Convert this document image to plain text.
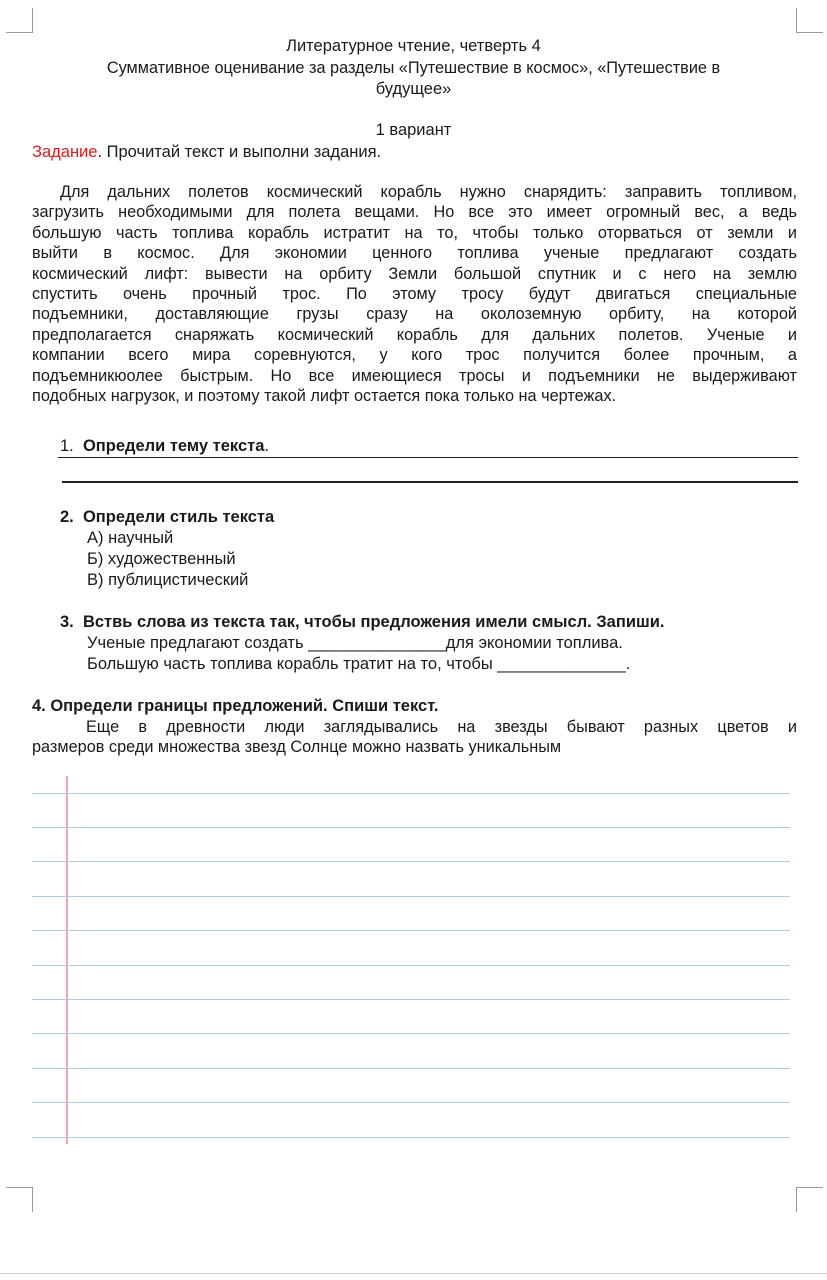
Литературное чтение, четверть 4
Суммативное оценивание за разделы «Путешествие в космос», «Путешествие в
будущее»
1 вариант
Задание. Прочитай текст и выполни задания.
Для дальних полетов космический корабль нужно снарядить: заправить топливом,
загрузить необходимыми для полета вещами. Но все это имеет огромный вес, а ведь
большую часть топлива корабль истратит на то, чтобы только оторваться от земли и
выйти в космос. Для экономии ценного топлива ученые предлагают создать
космический лифт: вывести на орбиту Земли большой спутник и с него на землю
спустить очень прочный трос. По этому тросу будут двигаться специальные
подъемники, доставляющие грузы сразу на околоземную орбиту, на которой
предполагается снаряжать космический корабль для дальних полетов. Ученые и
компании всего мира соревнуются, у кого трос получится более прочным, а
подъемникюолее быстрым. Но все имеющиеся тросы и подъемники не выдерживают
подобных нагрузок, и поэтому такой лифт остается пока только на чертежах.
1. Определи тему текста.
2. Определи стиль текста
А) научный
Б) художественный
В) публицистический
3. Вствь слова из текста так, чтобы предложения имели смысл. Запиши.
Ученые предлагают создать _______________для экономии топлива.
Большую часть топлива корабль тратит на то, чтобы ______________.
4. Определи границы предложений. Спиши текст.
Еще в древности люди заглядывались на звезды бывают разных цветов и
размеров среди множества звезд Солнце можно назвать уникальным
